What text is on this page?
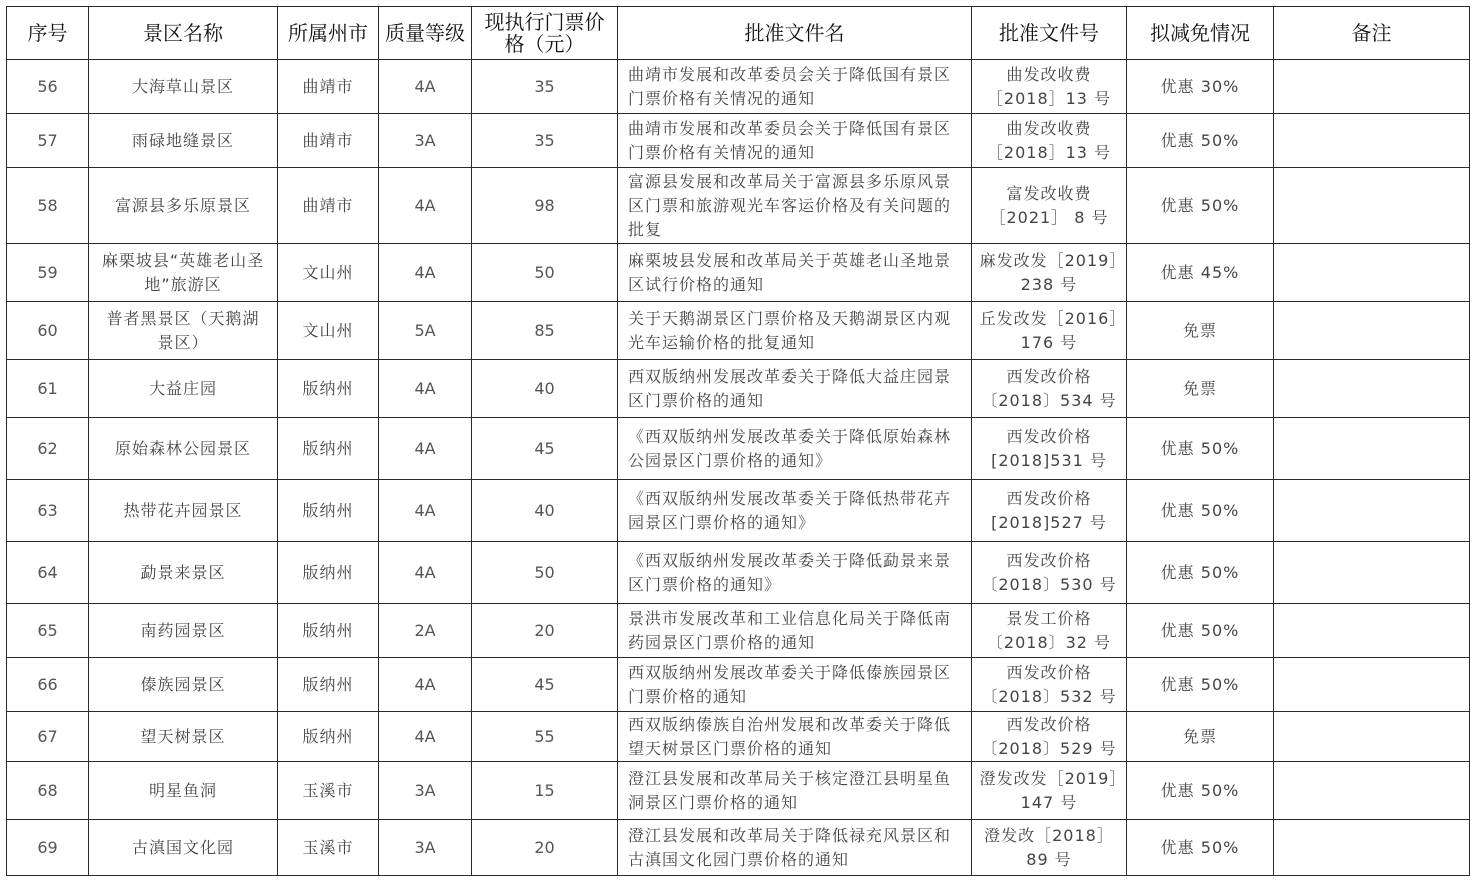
序号	景区名称	所属州市	质量等级	现执行门票价格（元）	批准文件名	批准文件号	拟减免情况	备注
56	大海草山景区	曲靖市	4A	35	曲靖市发展和改革委员会关于降低国有景区门票价格有关情况的通知	曲发改收费［2018］13 号	优惠 30%	
57	雨碌地缝景区	曲靖市	3A	35	曲靖市发展和改革委员会关于降低国有景区门票价格有关情况的通知	曲发改收费［2018］13 号	优惠 50%	
58	富源县多乐原景区	曲靖市	4A	98	富源县发展和改革局关于富源县多乐原风景区门票和旅游观光车客运价格及有关问题的批复	富发改收费［2021］ 8 号	优惠 50%	
59	麻栗坡县“英雄老山圣地”旅游区	文山州	4A	50	麻栗坡县发展和改革局关于英雄老山圣地景区试行价格的通知	麻发改发［2019］238 号	优惠 45%	
60	普者黑景区（天鹅湖景区）	文山州	5A	85	关于天鹅湖景区门票价格及天鹅湖景区内观光车运输价格的批复通知	丘发改发［2016］176 号	免票	
61	大益庄园	版纳州	4A	40	西双版纳州发展改革委关于降低大益庄园景区门票价格的通知	西发改价格〔2018〕534 号	免票	
62	原始森林公园景区	版纳州	4A	45	《西双版纳州发展改革委关于降低原始森林公园景区门票价格的通知》	西发改价格[2018]531 号	优惠 50%	
63	热带花卉园景区	版纳州	4A	40	《西双版纳州发展改革委关于降低热带花卉园景区门票价格的通知》	西发改价格[2018]527 号	优惠 50%	
64	勐景来景区	版纳州	4A	50	《西双版纳州发展改革委关于降低勐景来景区门票价格的通知》	西发改价格〔2018〕530 号	优惠 50%	
65	南药园景区	版纳州	2A	20	景洪市发展改革和工业信息化局关于降低南药园景区门票价格的通知	景发工价格〔2018〕32 号	优惠 50%	
66	傣族园景区	版纳州	4A	45	西双版纳州发展改革委关于降低傣族园景区门票价格的通知	西发改价格〔2018〕532 号	优惠 50%	
67	望天树景区	版纳州	4A	55	西双版纳傣族自治州发展和改革委关于降低望天树景区门票价格的通知	西发改价格〔2018〕529 号	免票	
68	明星鱼洞	玉溪市	3A	15	澄江县发展和改革局关于核定澄江县明星鱼洞景区门票价格的通知	澄发改发［2019］147 号	优惠 50%	
69	古滇国文化园	玉溪市	3A	20	澄江县发展和改革局关于降低禄充风景区和古滇国文化园门票价格的通知	澄发改［2018］89 号	优惠 50%	
